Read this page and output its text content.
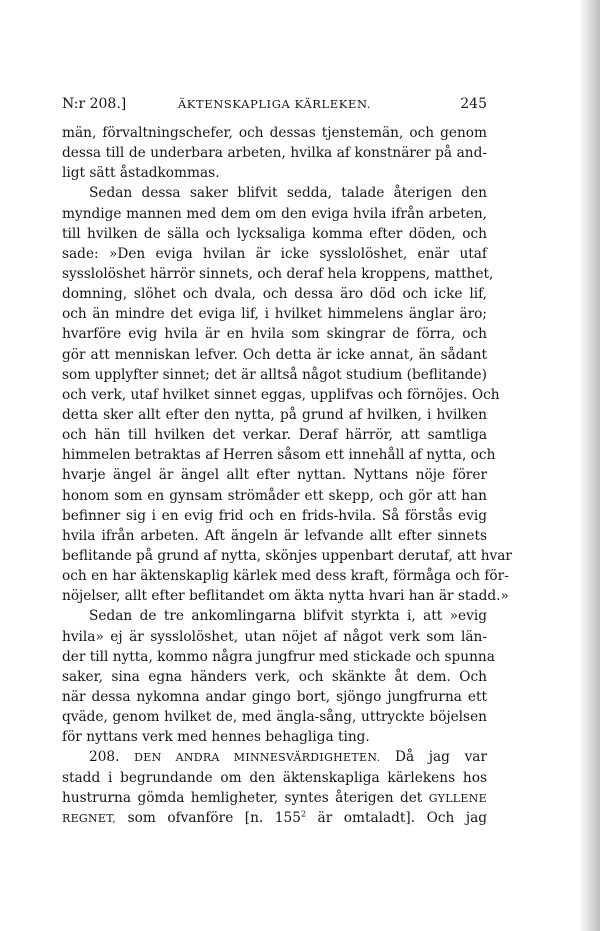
N:r 208.]	ÄKTENSKAPLIGA KÄRLEKEN.	245
män, förvaltningschefer, och dessas tjenstemän, och genom
dessa till de underbara arbeten, hvilka af konstnärer på and-
ligt sätt åstadkommas.
Sedan dessa saker blifvit sedda, talade återigen den
myndige mannen med dem om den eviga hvila ifrån arbeten,
till hvilken de sälla och lycksaliga komma efter döden, och
sade: »Den eviga hvilan är icke sysslolöshet, enär utaf
sysslolöshet härrör sinnets, och deraf hela kroppens, matthet,
domning, slöhet och dvala, och dessa äro död och icke lif,
och än mindre det eviga lif, i hvilket himmelens änglar äro;
hvarföre evig hvila är en hvila som skingrar de förra, och
gör att menniskan lefver. Och detta är icke annat, än sådant
som upplyfter sinnet; det är alltså något studium (beflitande)
och verk, utaf hvilket sinnet eggas, upplifvas och förnöjes. Och
detta sker allt efter den nytta, på grund af hvilken, i hvilken
och hän till hvilken det verkar. Deraf härrör, att samtliga
himmelen betraktas af Herren såsom ett innehåll af nytta, och
hvarje ängel är ängel allt efter nyttan. Nyttans nöje förer
honom som en gynsam strömåder ett skepp, och gör att han
befinner sig i en evig frid och en frids-hvila. Så förstås evig
hvila ifrån arbeten. Aft ängeln är lefvande allt efter sinnets
beflitande på grund af nytta, skönjes uppenbart derutaf, att hvar
och en har äktenskaplig kärlek med dess kraft, förmåga och för-
nöjelser, allt efter beflitandet om äkta nytta hvari han är stadd.»
Sedan de tre ankomlingarna blifvit styrkta i, att »evig
hvila» ej är sysslolöshet, utan nöjet af något verk som län-
der till nytta, kommo några jungfrur med stickade och spunna
saker, sina egna händers verk, och skänkte åt dem. Och
när dessa nykomna andar gingo bort, sjöngo jungfrurna ett
qväde, genom hvilket de, med ängla-sång, uttryckte böjelsen
för nyttans verk med hennes behagliga ting.
208. DEN ANDRA MINNESVÄRDIGHETEN. Då jag var
stadd i begrundande om den äktenskapliga kärlekens hos
hustrurna gömda hemligheter, syntes återigen det GYLLENE
REGNET, som ofvanföre [n. $155^2$ är omtaladt]. Och jag
